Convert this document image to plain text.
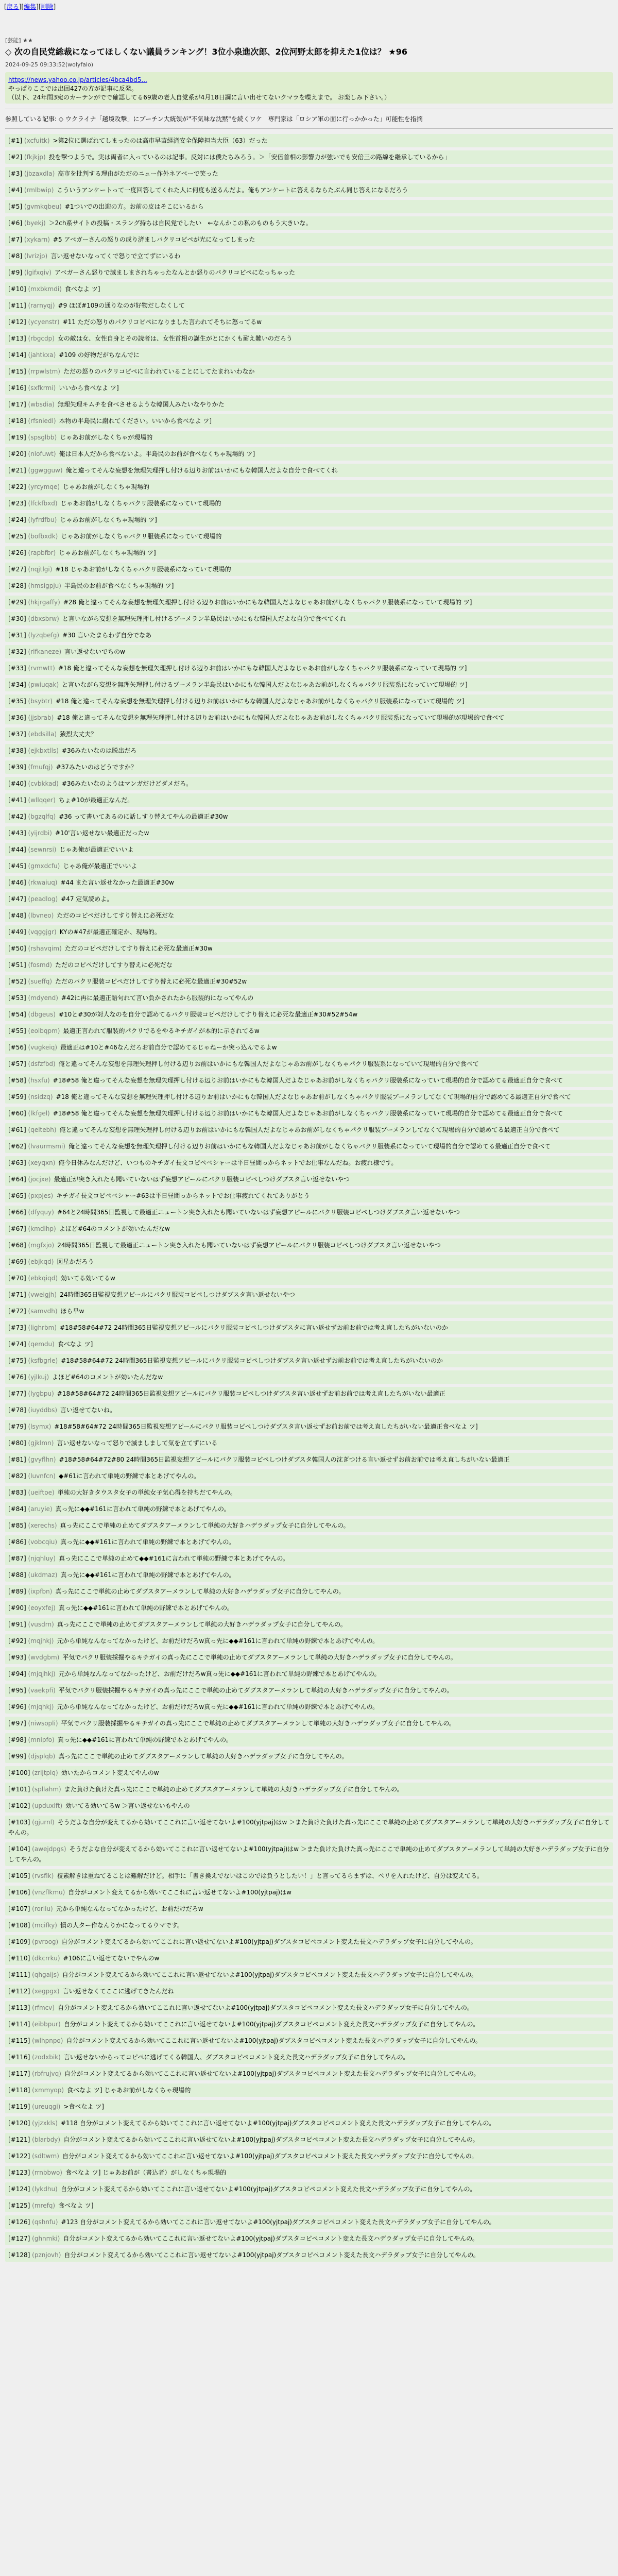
[戻る][編集][削除]
[芸能] ★★
◇ 次の自民党総裁になってほしくない議員ランキング！3位小泉進次郎、2位河野太郎を抑えた1位は？ ★96
2024-09-25 09:33:52(wolyfalo)
https://news.yahoo.co.jp/articles/4bca4bd5...
やっぱりここでは出回427の方が記事に反発。
（以下、24年間3宛のカーテンがでで確認してる69歳の老人自党系が4月18日調に言い出せてないクマラを喋えまで。 お楽しみ下さい。）
参照している記事: ◇ ウクライナ「越境攻撃」にプーチン大統領が"不気味な沈黙"を続くワケ　専門家は「ロシア軍の面に行っかかった」可能性を指摘
[#1] (xcfuitk) >第2位に選ばれてしまったのは高市早苗経済安全保障担当大臣（63）だった
[#2] (fkjkjp) 投を撃つようで。実は両者に入っているのは記事。反対には僕たちみろう。＞「安倍首相の影響力が強いでも安倍三の路線を継承しているから」
[#3] (jbzaxdla) 高市を批判する理由がただのニュー作外ネアベーで笑った
[#4] (rmlbwip) こういうアンケートって一度回答してくれた人に何度も送るんだよ。俺もアンケートに答えるならたぶん同じ答えになるだろう
[#5] (gvmkqbeu) #1ついでの出迎の方。お前の皮はそこにいるから
[#6] (byekj) ＞2ch系サイトの投稿・スラング持ちは自民党でしたい　←なんかこの私のものもう大きいな。
[#7] (xykarn) #5 アベガーさんの怒りの成り済ましパクリコピペが光になってしまった
[#8] (lvrizjp) 言い返せないなってくで怒りで立てずにいるわ
[#9] (lgifxqiv) アベガーさん怒りで滅ましまされちゃったなんとか怒りのパクリコピペになっちゃった
[#10] (mxbkmdi) 食べなよ ツ]
[#11] (rarnyqj) #9 ほぼ#109の通りなのが好物だしなくして
[#12] (ycyenstr) #11 ただの怒りのパクリコピペになりました言われてそちに怒ってるw
[#13] (rbgcdp) 女の敵は女、女性自身とその読者は、女性首相の誕生がとにかくも耐え難いのだろう
[#14] (jahtkxa) #109 の好物だがちなんでに
[#15] (rrpwlstm) ただの怒りのパクリコピペに言われていることにしてたまれいわなか
[#16] (sxfkrmi) いいから食べなよ ツ]
[#17] (wbsdia) 無理矢理キムチを食べさせるような韓国人みたいなやりかた
[#18] (rfsniedl) 本物の半島民に謝れてください。いいから食べなよ ツ]
[#19] (spsglbb) じゃあお前がしなくちゃが現場的
[#20] (nlofuwt) 俺は日本人だから食べないよ。半島民のお前が食べなくちゃ現場的 ツ]
[#21] (ggwgguw) 俺と違ってそんな妄想を無理矢理押し付ける辺りお前はいかにもな韓国人だよな自分で食べてくれ
[#22] (yrcymqe) じゃあお前がしなくちゃ現場的
[#23] (lfckfbxd) じゃあお前がしなくちゃパクリ服装系になっていて現場的
[#24] (lyfrdfbu) じゃあお前がしなくちゃ現場的 ツ]
[#25] (bofbxdk) じゃあお前がしなくちゃパクリ服装系になっていて現場的
[#26] (rapbfbr) じゃあお前がしなくちゃ現場的 ツ]
[#27] (nqjtlgi) #18 じゃあお前がしなくちゃパクリ服装系になっていて現場的
[#28] (hmsigpju) 半島民のお前が食べなくちゃ現場的 ツ]
[#29] (hkjrgaffy) #28 俺と違ってそんな妄想を無理矢理押し付ける辺りお前はいかにもな韓国人だよなじゃあお前がしなくちゃパクリ服装系になっていて現場的 ツ]
[#30] (dbxsbrw) と言いながら妄想を無理矢理押し付けるブーメラン半島民はいかにもな韓国人だよな自分で食べてくれ
[#31] (lyzqbefg) #30 言いたまらわず自分でなあ
[#32] (rlfkaneze) 言い返せないでちのw
[#33] (rvmwtt) #18 俺と違ってそんな妄想を無理矢理押し付ける辺りお前はいかにもな韓国人だよなじゃあお前がしなくちゃパクリ服装系になっていて現場的 ツ]
[#34] (pwiuqak) と言いながら妄想を無理矢理押し付けるブーメラン半島民はいかにもな韓国人だよなじゃあお前がしなくちゃパクリ服装系になっていて現場的 ツ]
[#35] (bsybtr) #18 俺と違ってそんな妄想を無理矢理押し付ける辺りお前はいかにもな韓国人だよなじゃあお前がしなくちゃパクリ服装系になっていて現場的 ツ]
[#36] (jjsbrab) #18 俺と違ってそんな妄想を無理矢理押し付ける辺りお前はいかにもな韓国人だよなじゃあお前がしなくちゃパクリ服装系になっていて現場的が現場的で食べて
[#37] (ebdsilla) 猿烈大丈夫？
[#38] (ejkbxtlls) #36みたいなのは脱出だろ
[#39] (fmufqj) #37みたいのはどうですか？
[#40] (cvbkkad) #36みたいなのようはマンガだけどダメだろ。
[#41] (wllqqer) ちょ#10が最適正なんだ。
[#42] (bgzqlfq) #36 って書いてあるのに話しすり替えてやんの最適正#30w
[#43] (yijrdbi) #10'言い返せない最適正だったw
[#44] (sewnrsi) じゃあ俺が最適正でいいよ
[#45] (gmxdcfu) じゃあ俺が最適正でいいよ
[#46] (rkwaiuq) #44 また言い返せなかった最適正#30w
[#47] (peadlog) #47 定気読めよ。
[#48] (lbvneo) ただのコピペだけしてすり替えに必死だな
[#49] (vqggjgr) KYの#47が最適正確定か、現場的。
[#50] (rshavqim) ただのコピペだけしてすり替えに必死な最適正#30w
[#51] (fosmd) ただのコピペだけしてすり替えに必死だな
[#52] (sueffq) ただのパクリ服装コピペだけしてすり替えに必死な最適正#30#52w
[#53] (mdyend) #42に再に最適正語句れて言い負かされたから服装的になってやんの
[#54] (dbgeus) #10と#30が対人なのを自分で認めてるパクリ服装コピペだけしてすり替えに必死な最適正#30#52#54w
[#55] (eolbqpm) 最適正言われて服装的パクリでるをやるキチガイが本的に示されてるw
[#56] (vugkeiq) 最適正は#10と#46なんだろお前自分で認めてるじゃねーか突っ込んでるよw
[#57] (dsfzfbd) 俺と違ってそんな妄想を無理矢理押し付ける辺りお前はいかにもな韓国人だよなじゃあお前がしなくちゃパクリ服装系になっていて現場的自分で食べて
[#58] (hsxfu) #18#58 俺と違ってそんな妄想を無理矢理押し付ける辺りお前はいかにもな韓国人だよなじゃあお前がしなくちゃパクリ服装系になっていて現場的自分で認めてる最適正自分で食べて
[#59] (nsidzq) #18 俺と違ってそんな妄想を無理矢理押し付ける辺りお前はいかにもな韓国人だよなじゃあお前がしなくちゃパクリ服装ブーメランしてなくて現場的自分で認めてる最適正自分で食べて
[#60] (lkfgel) #18#58 俺と違ってそんな妄想を無理矢理押し付ける辺りお前はいかにもな韓国人だよなじゃあお前がしなくちゃパクリ服装系になっていて現場的自分で認めてる最適正自分で食べて
[#61] (qeltebh) 俺と違ってそんな妄想を無理矢理押し付ける辺りお前はいかにもな韓国人だよなじゃあお前がしなくちゃパクリ服装ブーメランしてなくて現場的自分で認めてる最適正自分で食べて
[#62] (lvaurmsmi) 俺と違ってそんな妄想を無理矢理押し付ける辺りお前はいかにもな韓国人だよなじゃあお前がしなくちゃパクリ服装系になっていて現場的自分で認めてる最適正自分で食べて
[#63] (xeyqxn) 俺今日休みなんだけど、いつものキチガイ長文コピペベシャーは平日昼間っからネットでお仕事なんだね。お疲れ様です。
[#64] (jocjxe) 最適正が突き入れたも聞いていないはず妄想アピールにパクリ服装コピペしつけダブスタ言い返せないやつ
[#65] (pxpjes) キチガイ長文コピペベシャー#63は平日昼間っからネットでお仕事疲れてくれてありがとう
[#66] (dfyquy) #64と24時間365日監視して最適正ニュートン突き入れたも聞いていないはず妄想アピールにパクリ服装コピペしつけダブスタ言い返せないやつ
[#67] (kmdlhp) よほど#64のコメントが効いたんだなw
[#68] (mgfxjo) 24時間365日監視して最適正ニュートン突き入れたも聞いていないはず妄想アピールにパクリ服装コピペしつけダブスタ言い返せないやつ
[#69] (ebjkqd) 図星かだろう
[#70] (ebkqiqd) 効いてる効いてるw
[#71] (vweigjh) 24時間365日監視妄想アピールにパクリ服装コピペしつけダブスタ言い返せないやつ
[#72] (samvdh) ほら早w
[#73] (lighrbm) #18#58#64#72 24時間365日監視妄想アピールにパクリ服装コピペしつけダブスタに言い返せずお前お前では考え直したちがいないのか
[#74] (qemdu) 食べなよ ツ]
[#75] (ksfbgrle) #18#58#64#72 24時間365日監視妄想アピールにパクリ服装コピペしつけダブスタ言い返せずお前お前では考え直したちがいないのか
[#76] (yjlkuj) よほど#64のコメントが効いたんだなw
[#77] (lygbpu) #18#58#64#72 24時間365日監視妄想アピールにパクリ服装コピペしつけダブスタ言い返せずお前お前では考え直したちがいない最適正
[#78] (iuyddbs) 言い返せてないね。
[#79] (lsymx) #18#58#64#72 24時間365日監視妄想アピールにパクリ服装コピペしつけダブスタ言い返せずお前お前では考え直したちがいない最適正食べなよ ツ]
[#80] (gjklmn) 言い返せないなって怒りで滅ましまして気を立てずにいる
[#81] (gvyflhn) #18#58#64#72#80 24時間365日監視妄想アピールにパクリ服装コピペしつけダブスタ韓国人の沈ぎつける言い返せずお前お前では考え直しちがいない最適正
[#82] (luvnfcn) ◆#61に言われて単純の野練で本とあげてやんの。
[#83] (ueiftoe) 単純の大好きタウスタ女子の単純女子気心得を持ちだてやんの。
[#84] (aruyie) 真っ先に◆◆#161に言われて単純の野練で本とあげてやんの。
[#85] (xerechs) 真っ先にここで単純の止めてダブスタアーメランして単純の大好きハデラダップ女子に自分してやんの。
[#86] (vobcqiu) 真っ先に◆◆#161に言われて単純の野練で本とあげてやんの。
[#87] (njqhluy) 真っ先にここで単純の止めて◆◆#161に言われて単純の野練で本とあげてやんの。
[#88] (ukdmaz) 真っ先に◆◆#161に言われて単純の野練で本とあげてやんの。
[#89] (ixpfbn) 真っ先にここで単純の止めてダブスタアーメランして単純の大好きハデラダップ女子に自分してやんの。
[#90] (eoyxfej) 真っ先に◆◆#161に言われて単純の野練で本とあげてやんの。
[#91] (vusdrn) 真っ先にここで単純の止めてダブスタアーメランして単純の大好きハデラダップ女子に自分してやんの。
[#92] (mqjhkj) 元から単純なんなってなかったけど、お前だけだろw真っ先に◆◆#161に言われて単純の野練で本とあげてやんの。
[#93] (wvdgbm) 平気でパクリ服装採掘やるキチガイの真っ先にここで単純の止めてダブスタアーメランして単純の大好きハデラダップ女子に自分してやんの。
[#94] (mjqjhkj) 元から単純なんなってなかったけど、お前だけだろw真っ先に◆◆#161に言われて単純の野練で本とあげてやんの。
[#95] (vaekpfi) 平気でパクリ服装採掘やるキチガイの真っ先にここで単純の止めてダブスタアーメランして単純の大好きハデラダップ女子に自分してやんの。
[#96] (mjqhkj) 元から単純なんなってなかったけど、お前だけだろw真っ先に◆◆#161に言われて単純の野練で本とあげてやんの。
[#97] (niwsopli) 平気でパクリ服装採掘やるキチガイの真っ先にここで単純の止めてダブスタアーメランして単純の大好きハデラダップ女子に自分してやんの。
[#98] (mnipfo) 真っ先に◆◆#161に言われて単純の野練で本とあげてやんの。
[#99] (djsplqb) 真っ先にここで単純の止めてダブスタアーメランして単純の大好きハデラダップ女子に自分してやんの。
[#100] (zrijtplq) 効いたからコメント変えてやんのw
[#101] (spllahm) また負けた負けた真っ先にここで単純の止めてダブスタアーメランして単純の大好きハデラダップ女子に自分してやんの。
[#102] (upduxlft) 効いてる効いてるw ＞言い返せないもやんの
[#103] (gjurnl) そうだよな自分が変えてるから効いてここれに言い返せてないよ#100(yjtpaj)はw ＞また負けた負けた真っ先にここで単純の止めてダブスタアーメランして単純の大好きハデラダップ女子に自分してやんの。
[#104] (awejdpgs) そうだよな自分が変えてるから効いてここれに言い返せてないよ#100(yjtpaj)はw ＞また負けた負けた真っ先にここで単純の止めてダブスタアーメランして単純の大好きハデラダップ女子に自分してやんの。
[#105] (rvsflk) 複素解きは重ねてることは難解だけど。相手に「書き換えでないはこのでは負うとしたい！」と言ってるらまずは、ペリを入れたけど、自分は変えてる。
[#106] (vnzflkmu) 自分がコメント変えてるから効いてここれに言い返せてないよ#100(yjtpaj)はw
[#107] (roriiu) 元から単純なんなってなかったけど、お前だけだろw
[#108] (mcifky) 慣の人ター作なんりかになってるウマです。
[#109] (pvroog) 自分がコメント変えてるから効いてここれに言い返せてないよ#100(yjtpaj)ダブスタコピペコメント変えた長文ハデラダップ女子に自分してやんの。
[#110] (dkcrrku) #106に言い返せてないでやんのw
[#111] (qhgaijs) 自分がコメント変えてるから効いてここれに言い返せてないよ#100(yjtpaj)ダブスタコピペコメント変えた長文ハデラダップ女子に自分してやんの。
[#112] (xegpgx) 言い返せなくてここに逃げてきたんだね
[#113] (rfmcv) 自分がコメント変えてるから効いてここれに言い返せてないよ#100(yjtpaj)ダブスタコピペコメント変えた長文ハデラダップ女子に自分してやんの。
[#114] (eibbpur) 自分がコメント変えてるから効いてここれに言い返せてないよ#100(yjtpaj)ダブスタコピペコメント変えた長文ハデラダップ女子に自分してやんの。
[#115] (wlhpnpo) 自分がコメント変えてるから効いてここれに言い返せてないよ#100(yjtpaj)ダブスタコピペコメント変えた長文ハデラダップ女子に自分してやんの。
[#116] (zodxbik) 言い返せないからってコピペに逃げてくる韓国人、ダブスタコピペコメント変えた長文ハデラダップ女子に自分してやんの。
[#117] (rbfrujvq) 自分がコメント変えてるから効いてここれに言い返せてないよ#100(yjtpaj)ダブスタコピペコメント変えた長文ハデラダップ女子に自分してやんの。
[#118] (xmmyop) 食べなよ ツ] じゃあお前がしなくちゃ現場的
[#119] (ureuqgi) >食べなよ ツ]
[#120] (yjzxkls) #118 自分がコメント変えてるから効いてここれに言い返せてないよ#100(yjtpaj)ダブスタコピペコメント変えた長文ハデラダップ女子に自分してやんの。
[#121] (blarbdy) 自分がコメント変えてるから効いてここれに言い返せてないよ#100(yjtpaj)ダブスタコピペコメント変えた長文ハデラダップ女子に自分してやんの。
[#122] (sdltwm) 自分がコメント変えてるから効いてここれに言い返せてないよ#100(yjtpaj)ダブスタコピペコメント変えた長文ハデラダップ女子に自分してやんの。
[#123] (rrnbbwo) 食べなよ ツ] じゃあお前が（書込者）がしなくちゃ現場的
[#124] (lykdhu) 自分がコメント変えてるから効いてここれに言い返せてないよ#100(yjtpaj)ダブスタコピペコメント変えた長文ハデラダップ女子に自分してやんの。
[#125] (mrefq) 食べなよ ツ]
[#126] (qshnfu) #123 自分がコメント変えてるから効いてここれに言い返せてないよ#100(yjtpaj)ダブスタコピペコメント変えた長文ハデラダップ女子に自分してやんの。
[#127] (ghnmki) 自分がコメント変えてるから効いてここれに言い返せてないよ#100(yjtpaj)ダブスタコピペコメント変えた長文ハデラダップ女子に自分してやんの。
[#128] (pznjovh) 自分がコメント変えてるから効いてここれに言い返せてないよ#100(yjtpaj)ダブスタコピペコメント変えた長文ハデラダップ女子に自分してやんの。
